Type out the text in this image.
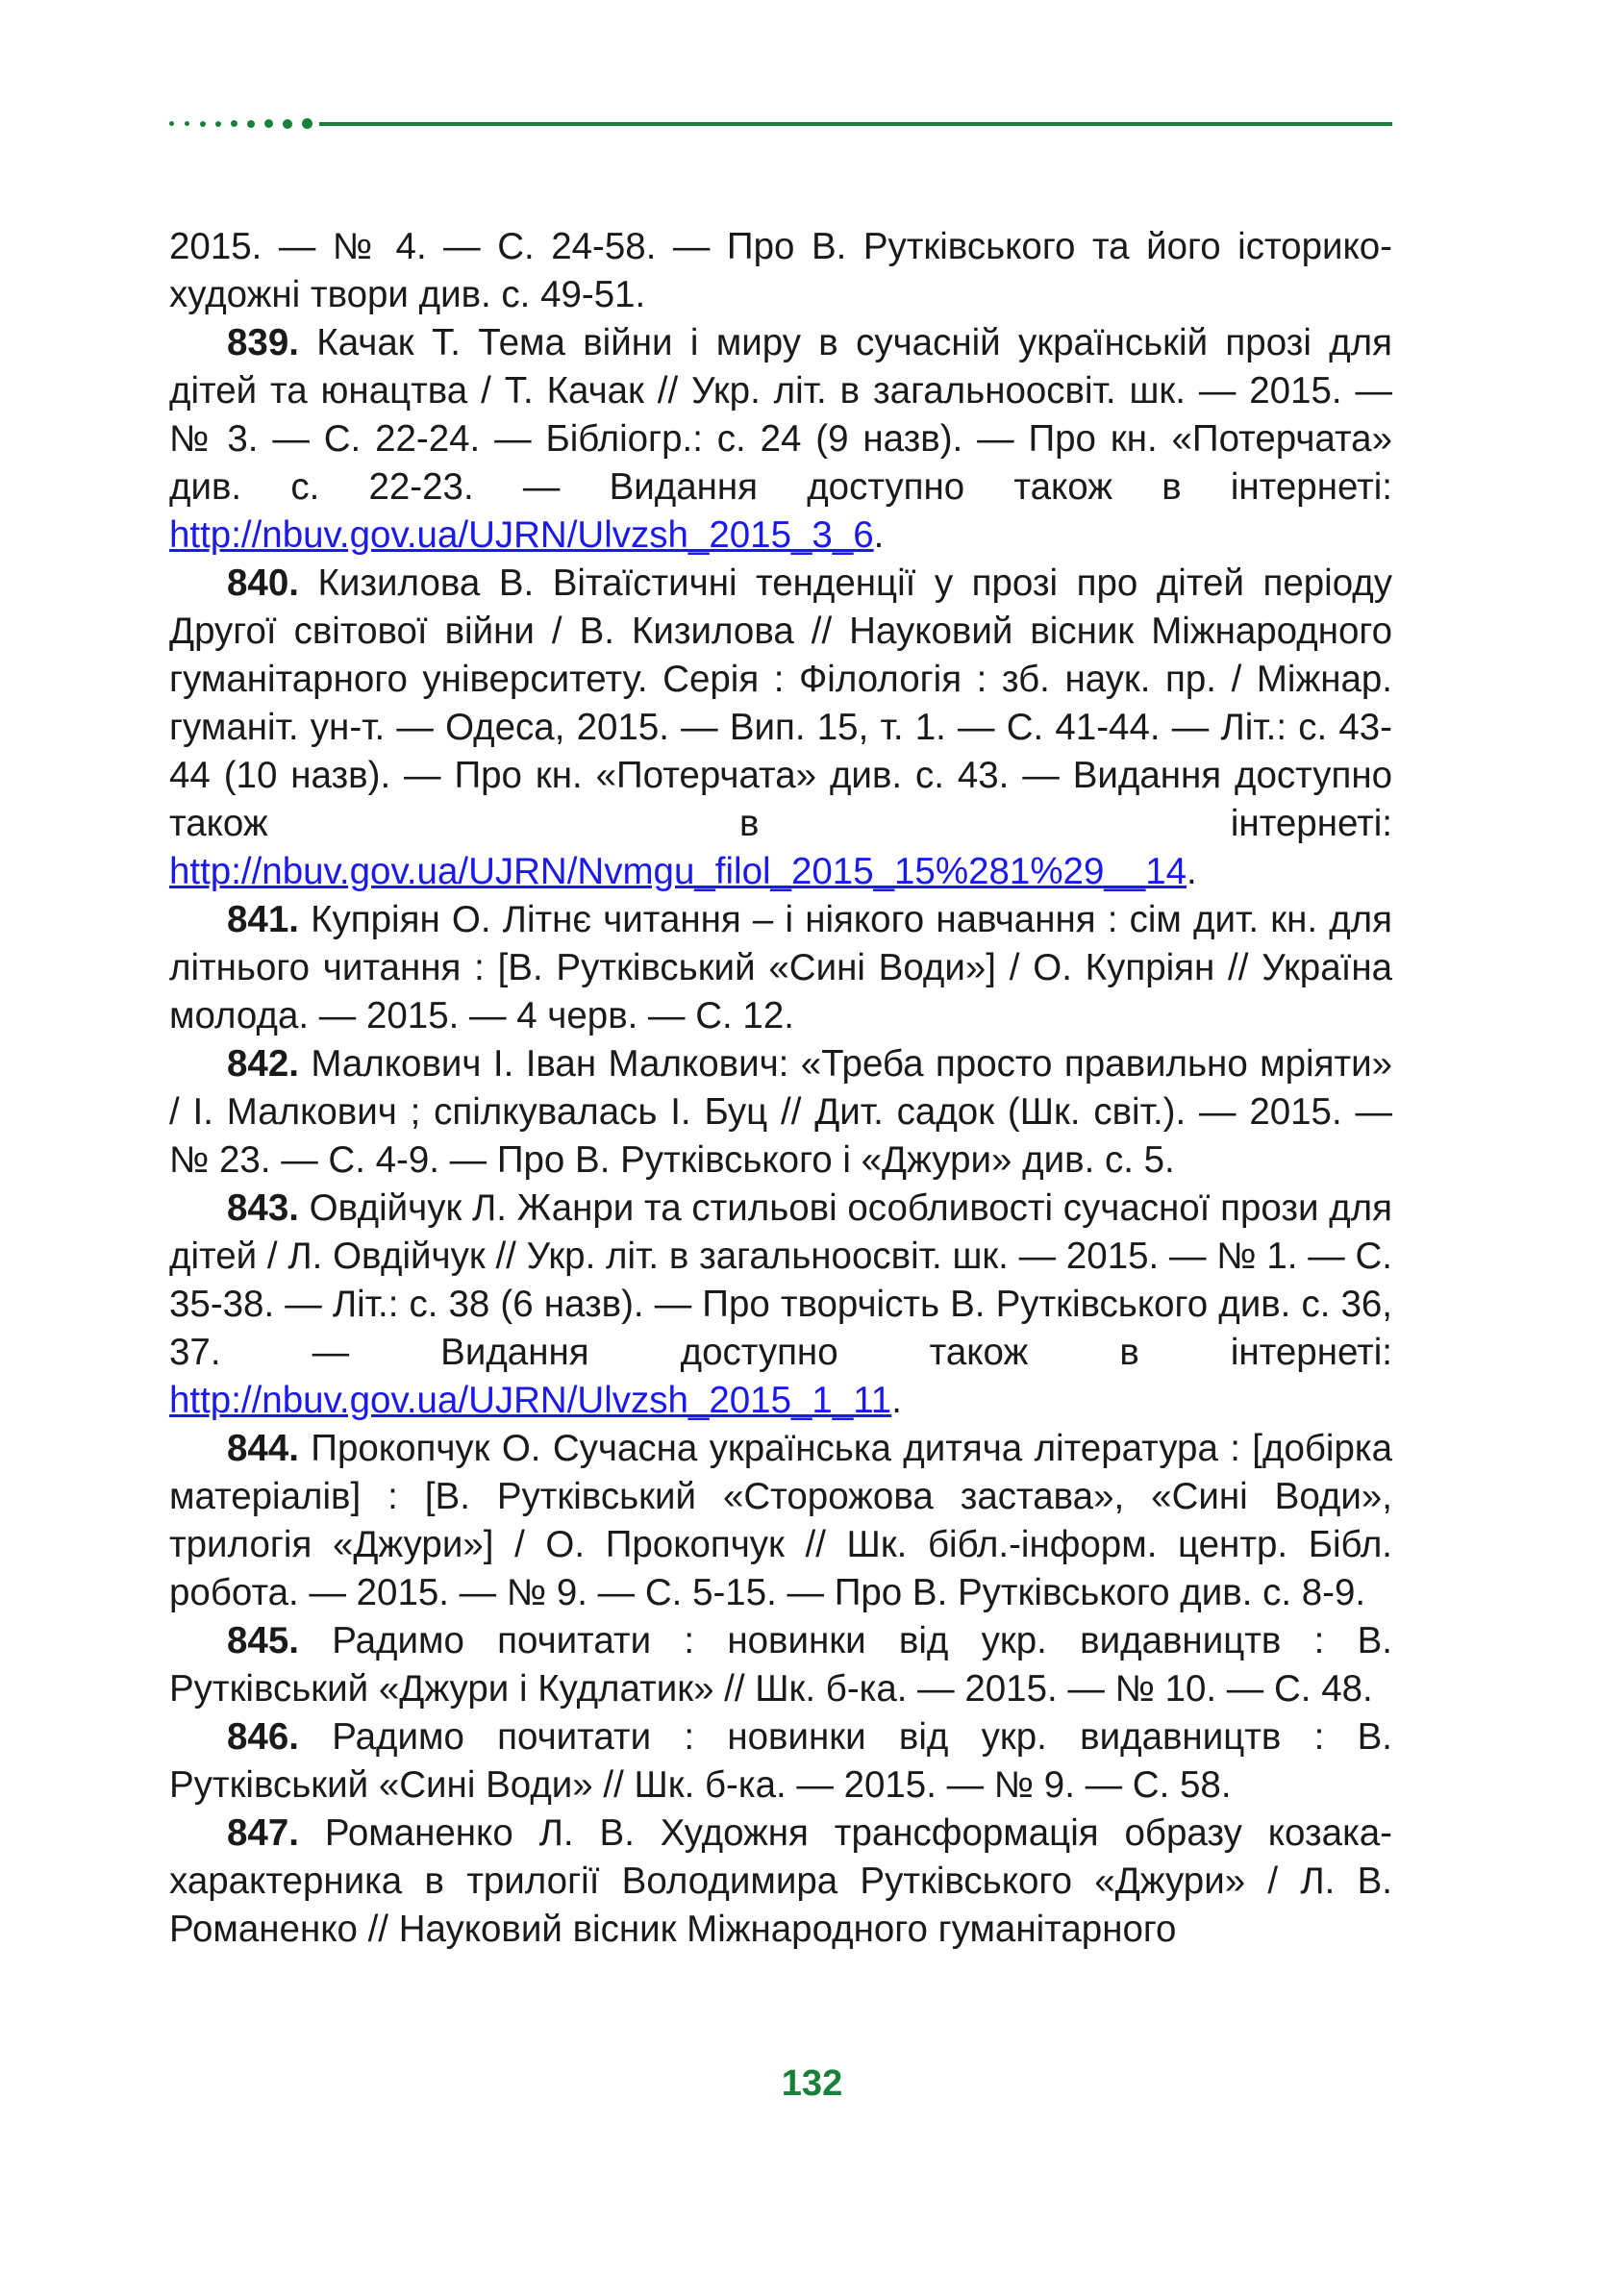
2015. — № 4. — С. 24-58. — Про В. Рутківського та його історико-художні твори див. с. 49-51.

839. Качак Т. Тема війни і миру в сучасній українській прозі для дітей та юнацтва / Т. Качак // Укр. літ. в загальноосвіт. шк. — 2015. — № 3. — С. 22-24. — Бібліогр.: с. 24 (9 назв). — Про кн. «Потерчата» див. с. 22-23. — Видання доступно також в інтернеті: http://nbuv.gov.ua/UJRN/Ulvzsh_2015_3_6.

840. Кизилова В. Вітаїстичні тенденції у прозі про дітей періоду Другої світової війни / В. Кизилова // Науковий вісник Міжнародного гуманітарного університету. Серія : Філологія : зб. наук. пр. / Міжнар. гуманіт. ун-т. — Одеса, 2015. — Вип. 15, т. 1. — С. 41-44. — Літ.: с. 43-44 (10 назв). — Про кн. «Потерчата» див. с. 43. — Видання доступно також в інтернеті: http://nbuv.gov.ua/UJRN/Nvmgu_filol_2015_15%281%29__14.

841. Купріян О. Літнє читання – і ніякого навчання : сім дит. кн. для літнього читання : [В. Рутківський «Сині Води»] / О. Купріян // Україна молода. — 2015. — 4 черв. — С. 12.

842. Малкович І. Іван Малкович: «Треба просто правильно мріяти» / І. Малкович ; спілкувалась І. Буц // Дит. садок (Шк. світ.). — 2015. — № 23. — С. 4-9. — Про В. Рутківського і «Джури» див. с. 5.

843. Овдійчук Л. Жанри та стильові особливості сучасної прози для дітей / Л. Овдійчук // Укр. літ. в загальноосвіт. шк. — 2015. — № 1. — С. 35-38. — Літ.: с. 38 (6 назв). — Про творчість В. Рутківського див. с. 36, 37. — Видання доступно також в інтернеті: http://nbuv.gov.ua/UJRN/Ulvzsh_2015_1_11.

844. Прокопчук О. Сучасна українська дитяча література : [добірка матеріалів] : [В. Рутківський «Сторожова застава», «Сині Води», трилогія «Джури»] / О. Прокопчук // Шк. бібл.-інформ. центр. Бібл. робота. — 2015. — № 9. — С. 5-15. — Про В. Рутківського див. с. 8-9.

845. Радимо почитати : новинки від укр. видавництв : В. Рутківський «Джури і Кудлатик» // Шк. б-ка. — 2015. — № 10. — С. 48.

846. Радимо почитати : новинки від укр. видавництв : В. Рутківський «Сині Води» // Шк. б-ка. — 2015. — № 9. — С. 58.

847. Романенко Л. В. Художня трансформація образу козака-характерника в трилогії Володимира Рутківського «Джури» / Л. В. Романенко // Науковий вісник Міжнародного гуманітарного

132
